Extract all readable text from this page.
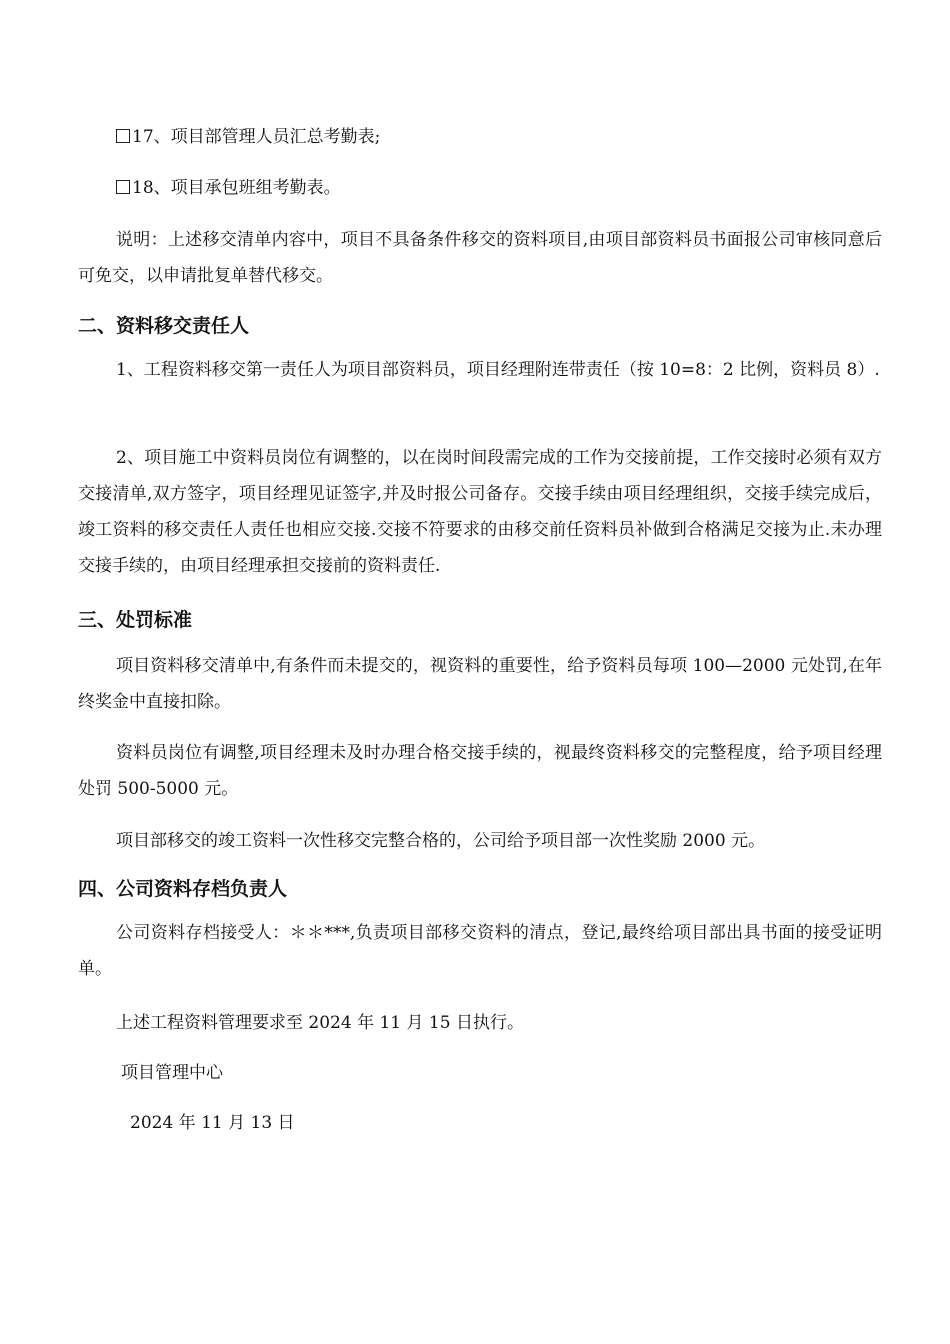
17、项目部管理人员汇总考勤表;

18、项目承包班组考勤表。

说明：上述移交清单内容中，项目不具备条件移交的资料项目,由项目部资料员书面报公司审核同意后可免交，以申请批复单替代移交。

二、资料移交责任人

1、工程资料移交第一责任人为项目部资料员，项目经理附连带责任（按 10=8：2 比例，资料员 8）.

2、项目施工中资料员岗位有调整的，以在岗时间段需完成的工作为交接前提，工作交接时必须有双方交接清单,双方签字，项目经理见证签字,并及时报公司备存。交接手续由项目经理组织，交接手续完成后，竣工资料的移交责任人责任也相应交接.交接不符要求的由移交前任资料员补做到合格满足交接为止.未办理交接手续的，由项目经理承担交接前的资料责任.

三、处罚标准

项目资料移交清单中,有条件而未提交的，视资料的重要性，给予资料员每项 100—2000 元处罚,在年终奖金中直接扣除。

资料员岗位有调整,项目经理未及时办理合格交接手续的，视最终资料移交的完整程度，给予项目经理处罚 500-5000 元。

项目部移交的竣工资料一次性移交完整合格的，公司给予项目部一次性奖励 2000 元。

四、公司资料存档负责人

公司资料存档接受人：＊＊***,负责项目部移交资料的清点，登记,最终给项目部出具书面的接受证明单。

上述工程资料管理要求至 2024 年 11 月 15 日执行。

项目管理中心

2024 年 11 月 13 日
